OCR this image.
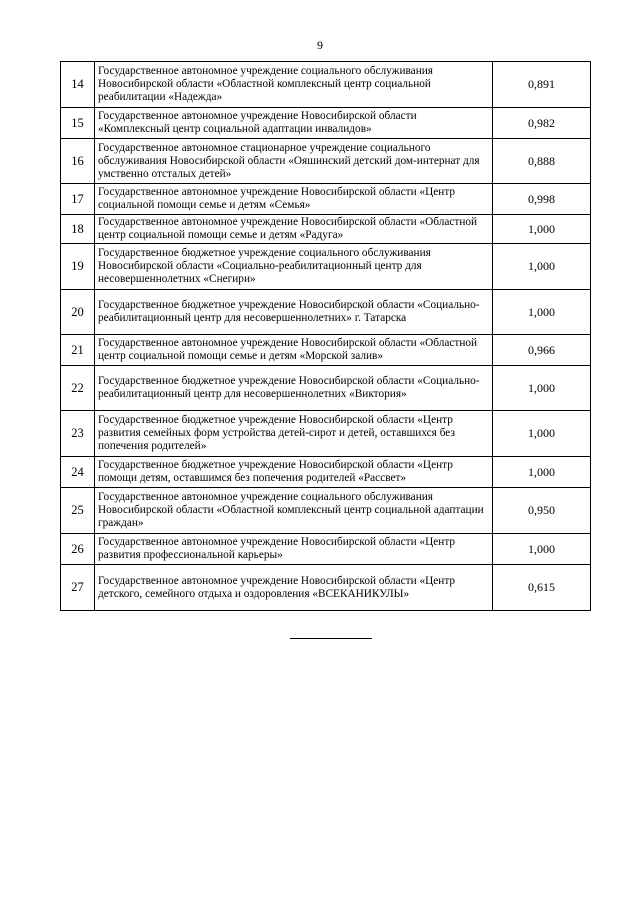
9
14	Государственное автономное учреждение социального обслуживания Новосибирской области «Областной комплексный центр социальной реабилитации «Надежда»	0,891
15	Государственное автономное учреждение Новосибирской области «Комплексный центр социальной адаптации инвалидов»	0,982
16	Государственное автономное стационарное учреждение социального обслуживания Новосибирской области «Ояшинский детский дом-интернат для умственно отсталых детей»	0,888
17	Государственное автономное учреждение Новосибирской области «Центр социальной помощи семье и детям «Семья»	0,998
18	Государственное автономное учреждение Новосибирской области «Областной центр социальной помощи семье и детям «Радуга»	1,000
19	Государственное бюджетное учреждение социального обслуживания Новосибирской области «Социально-реабилитационный центр для несовершеннолетних «Снегири»	1,000
20	Государственное бюджетное учреждение Новосибирской области «Социально-реабилитационный центр для несовершеннолетних» г. Татарска	1,000
21	Государственное автономное учреждение Новосибирской области «Областной центр социальной помощи семье и детям «Морской залив»	0,966
22	Государственное бюджетное учреждение Новосибирской области «Социально-реабилитационный центр для несовершеннолетних «Виктория»	1,000
23	Государственное бюджетное учреждение Новосибирской области «Центр развития семейных форм устройства детей-сирот и детей, оставшихся без попечения родителей»	1,000
24	Государственное бюджетное учреждение Новосибирской области «Центр помощи детям, оставшимся без попечения родителей «Рассвет»	1,000
25	Государственное автономное учреждение социального обслуживания Новосибирской области «Областной комплексный центр социальной адаптации граждан»	0,950
26	Государственное автономное учреждение Новосибирской области «Центр развития профессиональной карьеры»	1,000
27	Государственное автономное учреждение Новосибирской области «Центр детского, семейного отдыха и оздоровления «ВСЕКАНИКУЛЫ»	0,615
